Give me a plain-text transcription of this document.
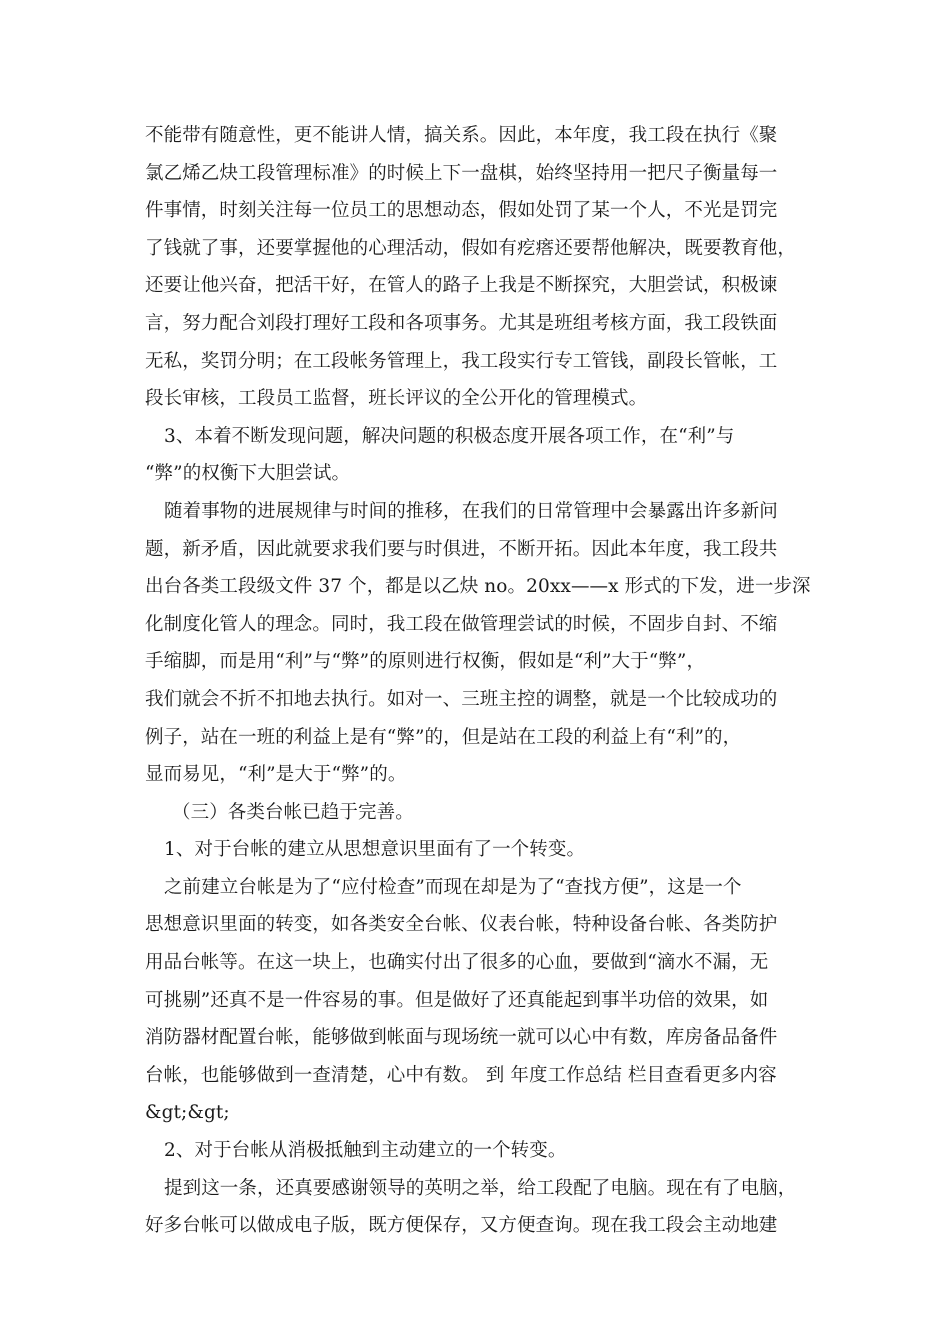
不能带有随意性，更不能讲人情，搞关系。因此，本年度，我工段在执行《聚
氯乙烯乙炔工段管理标准》的时候上下一盘棋，始终坚持用一把尺子衡量每一
件事情，时刻关注每一位员工的思想动态，假如处罚了某一个人，不光是罚完
了钱就了事，还要掌握他的心理活动，假如有疙瘩还要帮他解决，既要教育他，
还要让他兴奋，把活干好，在管人的路子上我是不断探究，大胆尝试，积极谏
言，努力配合刘段打理好工段和各项事务。尤其是班组考核方面，我工段铁面
无私，奖罚分明；在工段帐务管理上，我工段实行专工管钱，副段长管帐，工
段长审核，工段员工监督，班长评议的全公开化的管理模式。
3、本着不断发现问题，解决问题的积极态度开展各项工作，在“利”与
“弊”的权衡下大胆尝试。
随着事物的进展规律与时间的推移，在我们的日常管理中会暴露出许多新问
题，新矛盾，因此就要求我们要与时俱进，不断开拓。因此本年度，我工段共
出台各类工段级文件 37 个，都是以乙炔 no。20xx——x 形式的下发，进一步深
化制度化管人的理念。同时，我工段在做管理尝试的时候，不固步自封、不缩
手缩脚，而是用“利”与“弊”的原则进行权衡，假如是“利”大于“弊”，
我们就会不折不扣地去执行。如对一、三班主控的调整，就是一个比较成功的
例子，站在一班的利益上是有“弊”的，但是站在工段的利益上有“利”的，
显而易见，“利”是大于“弊”的。
（三）各类台帐已趋于完善。
1、对于台帐的建立从思想意识里面有了一个转变。
之前建立台帐是为了“应付检查”而现在却是为了“查找方便”，这是一个
思想意识里面的转变，如各类安全台帐、仪表台帐，特种设备台帐、各类防护
用品台帐等。在这一块上，也确实付出了很多的心血，要做到“滴水不漏，无
可挑剔”还真不是一件容易的事。但是做好了还真能起到事半功倍的效果，如
消防器材配置台帐，能够做到帐面与现场统一就可以心中有数，库房备品备件
台帐，也能够做到一查清楚，心中有数。 到 年度工作总结 栏目查看更多内容
&gt;&gt;
2、对于台帐从消极抵触到主动建立的一个转变。
提到这一条，还真要感谢领导的英明之举，给工段配了电脑。现在有了电脑，
好多台帐可以做成电子版，既方便保存，又方便查询。现在我工段会主动地建
